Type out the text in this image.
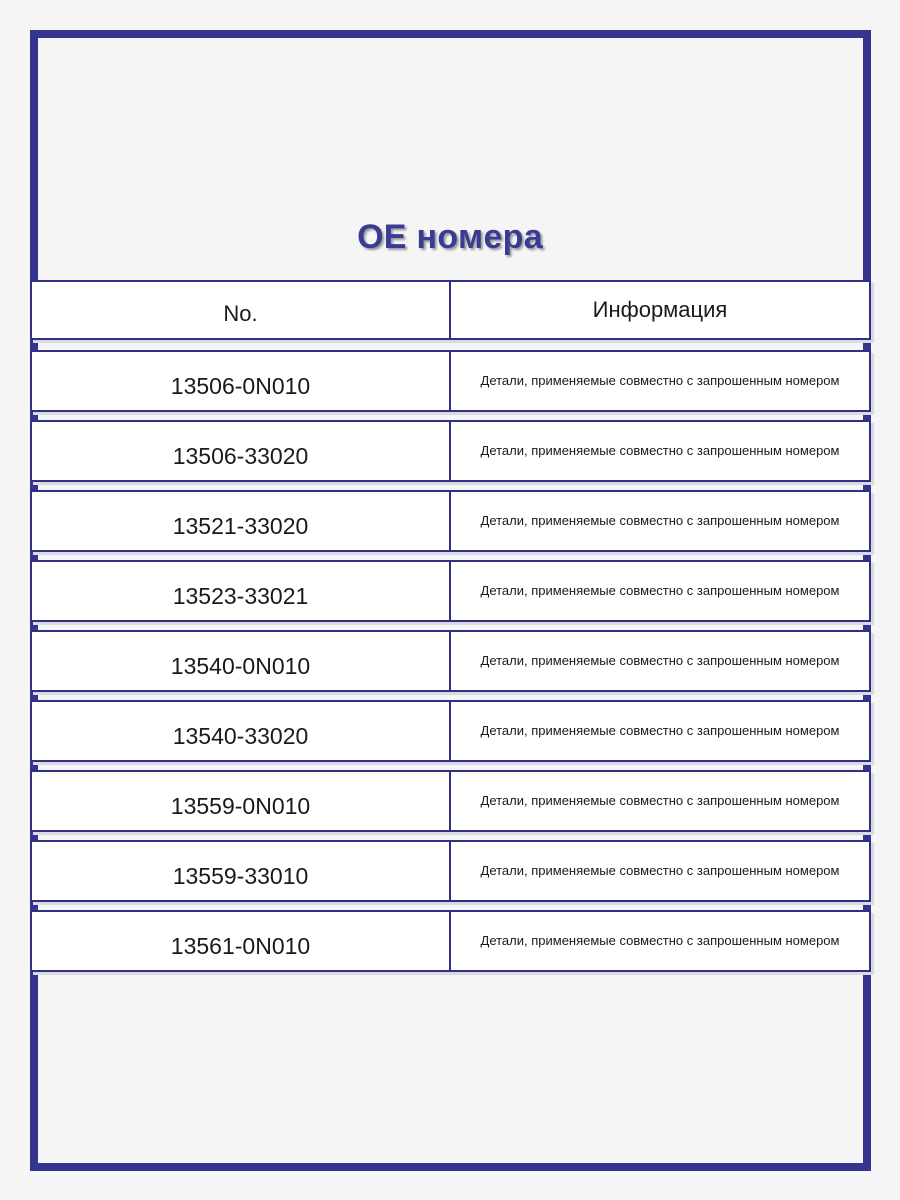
OE номера
No.	Информация
13506-0N010	Детали, применяемые совместно с запрошенным номером
13506-33020	Детали, применяемые совместно с запрошенным номером
13521-33020	Детали, применяемые совместно с запрошенным номером
13523-33021	Детали, применяемые совместно с запрошенным номером
13540-0N010	Детали, применяемые совместно с запрошенным номером
13540-33020	Детали, применяемые совместно с запрошенным номером
13559-0N010	Детали, применяемые совместно с запрошенным номером
13559-33010	Детали, применяемые совместно с запрошенным номером
13561-0N010	Детали, применяемые совместно с запрошенным номером
